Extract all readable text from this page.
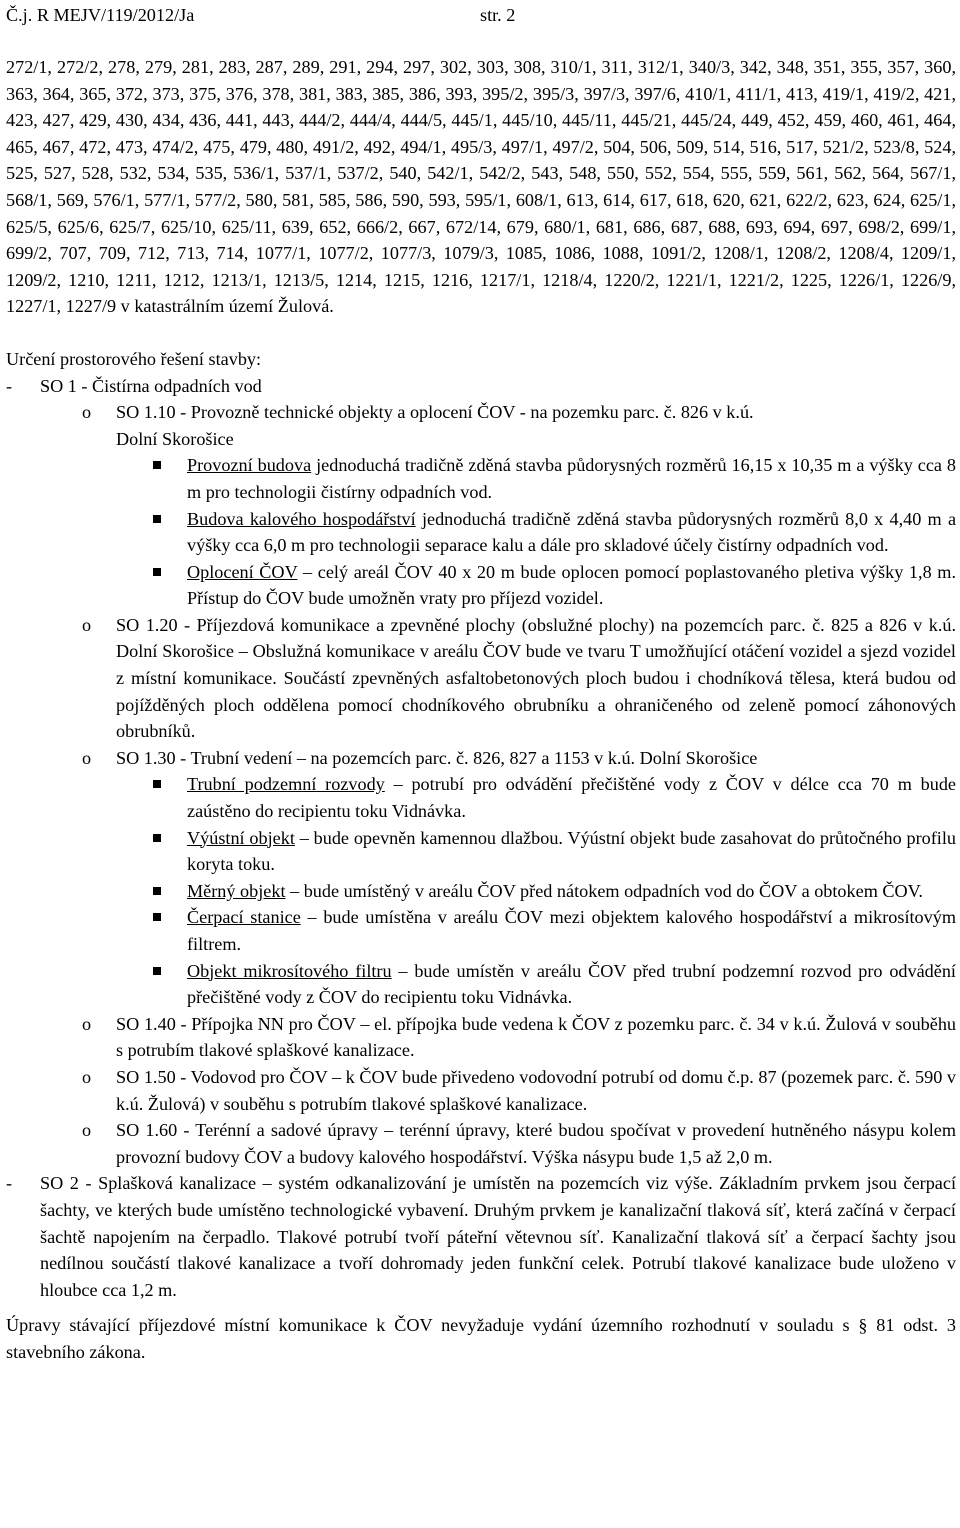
Č.j. R MEJV/119/2012/Ja	str. 2

272/1, 272/2, 278, 279, 281, 283, 287, 289, 291, 294, 297, 302, 303, 308, 310/1, 311, 312/1, 340/3, 342, 348, 351, 355, 357, 360, 363, 364, 365, 372, 373, 375, 376, 378, 381, 383, 385, 386, 393, 395/2, 395/3, 397/3, 397/6, 410/1, 411/1, 413, 419/1, 419/2, 421, 423, 427, 429, 430, 434, 436, 441, 443, 444/2, 444/4, 444/5, 445/1, 445/10, 445/11, 445/21, 445/24, 449, 452, 459, 460, 461, 464, 465, 467, 472, 473, 474/2, 475, 479, 480, 491/2, 492, 494/1, 495/3, 497/1, 497/2, 504, 506, 509, 514, 516, 517, 521/2, 523/8, 524, 525, 527, 528, 532, 534, 535, 536/1, 537/1, 537/2, 540, 542/1, 542/2, 543, 548, 550, 552, 554, 555, 559, 561, 562, 564, 567/1, 568/1, 569, 576/1, 577/1, 577/2, 580, 581, 585, 586, 590, 593, 595/1, 608/1, 613, 614, 617, 618, 620, 621, 622/2, 623, 624, 625/1, 625/5, 625/6, 625/7, 625/10, 625/11, 639, 652, 666/2, 667, 672/14, 679, 680/1, 681, 686, 687, 688, 693, 694, 697, 698/2, 699/1, 699/2, 707, 709, 712, 713, 714, 1077/1, 1077/2, 1077/3, 1079/3, 1085, 1086, 1088, 1091/2, 1208/1, 1208/2, 1208/4, 1209/1, 1209/2, 1210, 1211, 1212, 1213/1, 1213/5, 1214, 1215, 1216, 1217/1, 1218/4, 1220/2, 1221/1, 1221/2, 1225, 1226/1, 1226/9, 1227/1, 1227/9 v katastrálním území Žulová.

Určení prostorového řešení stavby:

- SO 1 - Čistírna odpadních vod
o SO 1.10 - Provozně technické objekty a oplocení ČOV - na pozemku parc. č. 826 v k.ú.
Dolní Skorošice
Provozní budova jednoduchá tradičně zděná stavba půdorysných rozměrů 16,15 x 10,35 m a výšky cca 8 m pro technologii čistírny odpadních vod.
Budova kalového hospodářství jednoduchá tradičně zděná stavba půdorysných rozměrů 8,0 x 4,40 m a výšky cca 6,0 m pro technologii separace kalu a dále pro skladové účely čistírny odpadních vod.
Oplocení ČOV – celý areál ČOV 40 x 20 m bude oplocen pomocí poplastovaného pletiva výšky 1,8 m. Přístup do ČOV bude umožněn vraty pro příjezd vozidel.
o SO 1.20 - Příjezdová komunikace a zpevněné plochy (obslužné plochy) na pozemcích parc. č. 825 a 826 v k.ú. Dolní Skorošice – Obslužná komunikace v areálu ČOV bude ve tvaru T umožňující otáčení vozidel a sjezd vozidel z místní komunikace. Součástí zpevněných asfaltobetonových ploch budou i chodníková tělesa, která budou od pojížděných ploch oddělena pomocí chodníkového obrubníku a ohraničeného od zeleně pomocí záhonových obrubníků.
o SO 1.30 - Trubní vedení – na pozemcích parc. č. 826, 827 a 1153 v k.ú. Dolní Skorošice
Trubní podzemní rozvody – potrubí pro odvádění přečištěné vody z ČOV v délce cca 70 m bude zaústěno do recipientu toku Vidnávka.
Výústní objekt – bude opevněn kamennou dlažbou. Výústní objekt bude zasahovat do průtočného profilu koryta toku.
Měrný objekt – bude umístěný v areálu ČOV před nátokem odpadních vod do ČOV a obtokem ČOV.
Čerpací stanice – bude umístěna v areálu ČOV mezi objektem kalového hospodářství a mikrosítovým filtrem.
Objekt mikrosítového filtru – bude umístěn v areálu ČOV před trubní podzemní rozvod pro odvádění přečištěné vody z ČOV do recipientu toku Vidnávka.
o SO 1.40 - Přípojka NN pro ČOV – el. přípojka bude vedena k ČOV z pozemku parc. č. 34 v k.ú. Žulová v souběhu s potrubím tlakové splaškové kanalizace.
o SO 1.50 - Vodovod pro ČOV – k ČOV bude přivedeno vodovodní potrubí od domu č.p. 87 (pozemek parc. č. 590 v k.ú. Žulová) v souběhu s potrubím tlakové splaškové kanalizace.
o SO 1.60 - Terénní a sadové úpravy – terénní úpravy, které budou spočívat v provedení hutněného násypu kolem provozní budovy ČOV a budovy kalového hospodářství. Výška násypu bude 1,5 až 2,0 m.
- SO 2 - Splašková kanalizace – systém odkanalizování je umístěn na pozemcích viz výše. Základním prvkem jsou čerpací šachty, ve kterých bude umístěno technologické vybavení. Druhým prvkem je kanalizační tlaková síť, která začíná v čerpací šachtě napojením na čerpadlo. Tlakové potrubí tvoří páteřní větevnou síť. Kanalizační tlaková síť a čerpací šachty jsou nedílnou součástí tlakové kanalizace a tvoří dohromady jeden funkční celek. Potrubí tlakové kanalizace bude uloženo v hloubce cca 1,2 m.

Úpravy stávající příjezdové místní komunikace k ČOV nevyžaduje vydání územního rozhodnutí v souladu s § 81 odst. 3 stavebního zákona.
